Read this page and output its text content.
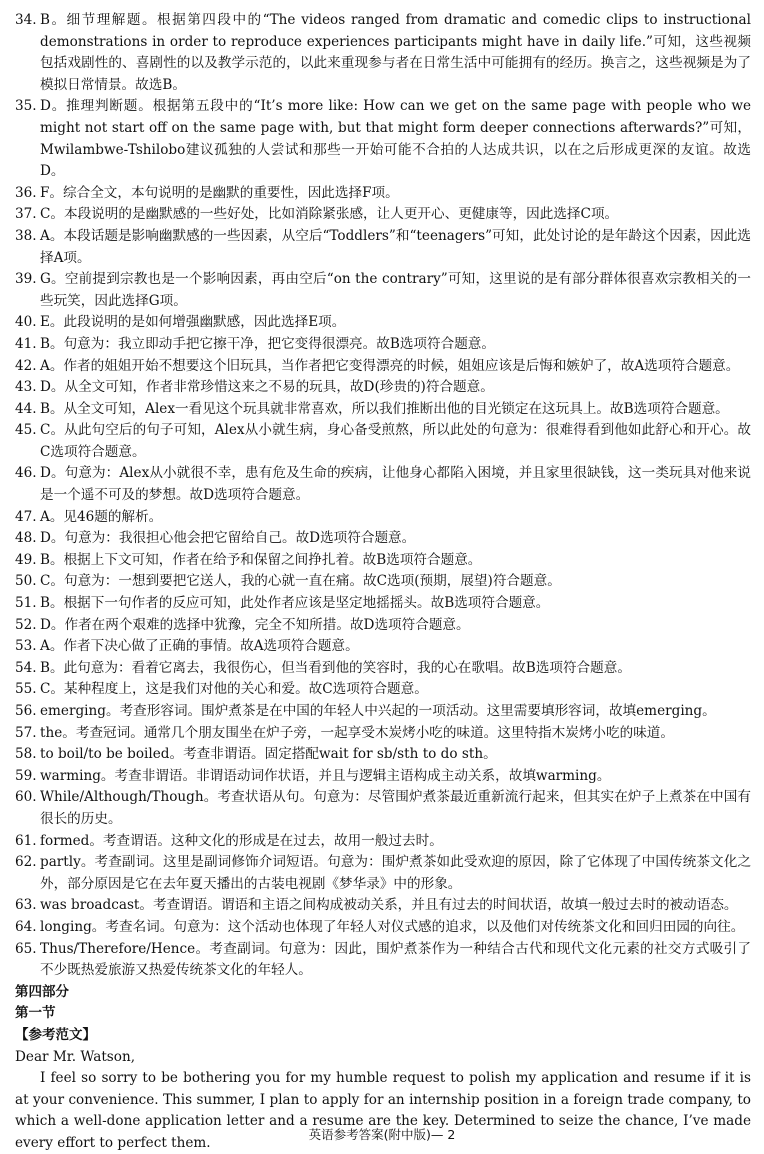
34. B。细节理解题。根据第四段中的“The videos ranged from dramatic and comedic clips to instructional demonstrations in order to reproduce experiences participants might have in daily life.”可知，这些视频包括戏剧性的、喜剧性的以及教学示范的，以此来重现参与者在日常生活中可能拥有的经历。换言之，这些视频是为了模拟日常情景。故选B。
35. D。推理判断题。根据第五段中的“It’s more like: How can we get on the same page with people who we might not start off on the same page with, but that might form deeper connections afterwards?”可知，Mwilambwe-Tshilobo建议孤独的人尝试和那些一开始可能不合拍的人达成共识，以在之后形成更深的友谊。故选D。
36. F。综合全文，本句说明的是幽默的重要性，因此选择F项。
37. C。本段说明的是幽默感的一些好处，比如消除紧张感，让人更开心、更健康等，因此选择C项。
38. A。本段话题是影响幽默感的一些因素，从空后“Toddlers”和“teenagers”可知，此处讨论的是年龄这个因素，因此选择A项。
39. G。空前提到宗教也是一个影响因素，再由空后“on the contrary”可知，这里说的是有部分群体很喜欢宗教相关的一些玩笑，因此选择G项。
40. E。此段说明的是如何增强幽默感，因此选择E项。
41. B。句意为：我立即动手把它擦干净，把它变得很漂亮。故B选项符合题意。
42. A。作者的姐姐开始不想要这个旧玩具，当作者把它变得漂亮的时候，姐姐应该是后悔和嫉妒了，故A选项符合题意。
43. D。从全文可知，作者非常珍惜这来之不易的玩具，故D(珍贵的)符合题意。
44. B。从全文可知，Alex一看见这个玩具就非常喜欢，所以我们推断出他的目光锁定在这玩具上。故B选项符合题意。
45. C。从此句空后的句子可知，Alex从小就生病，身心备受煎熬，所以此处的句意为：很难得看到他如此舒心和开心。故C选项符合题意。
46. D。句意为：Alex从小就很不幸，患有危及生命的疾病，让他身心都陷入困境，并且家里很缺钱，这一类玩具对他来说是一个遥不可及的梦想。故D选项符合题意。
47. A。见46题的解析。
48. D。句意为：我很担心他会把它留给自己。故D选项符合题意。
49. B。根据上下文可知，作者在给予和保留之间挣扎着。故B选项符合题意。
50. C。句意为：一想到要把它送人，我的心就一直在痛。故C选项(预期，展望)符合题意。
51. B。根据下一句作者的反应可知，此处作者应该是坚定地摇摇头。故B选项符合题意。
52. D。作者在两个艰难的选择中犹豫，完全不知所措。故D选项符合题意。
53. A。作者下决心做了正确的事情。故A选项符合题意。
54. B。此句意为：看着它离去，我很伤心，但当看到他的笑容时，我的心在歌唱。故B选项符合题意。
55. C。某种程度上，这是我们对他的关心和爱。故C选项符合题意。
56. emerging。考查形容词。围炉煮茶是在中国的年轻人中兴起的一项活动。这里需要填形容词，故填emerging。
57. the。考查冠词。通常几个朋友围坐在炉子旁，一起享受木炭烤小吃的味道。这里特指木炭烤小吃的味道。
58. to boil/to be boiled。考查非谓语。固定搭配wait for sb/sth to do sth。
59. warming。考查非谓语。非谓语动词作状语，并且与逻辑主语构成主动关系，故填warming。
60. While/Although/Though。考查状语从句。句意为：尽管围炉煮茶最近重新流行起来，但其实在炉子上煮茶在中国有很长的历史。
61. formed。考查谓语。这种文化的形成是在过去，故用一般过去时。
62. partly。考查副词。这里是副词修饰介词短语。句意为：围炉煮茶如此受欢迎的原因，除了它体现了中国传统茶文化之外，部分原因是它在去年夏天播出的古装电视剧《梦华录》中的形象。
63. was broadcast。考查谓语。谓语和主语之间构成被动关系，并且有过去的时间状语，故填一般过去时的被动语态。
64. longing。考查名词。句意为：这个活动也体现了年轻人对仪式感的追求，以及他们对传统茶文化和回归田园的向往。
65. Thus/Therefore/Hence。考查副词。句意为：因此，围炉煮茶作为一种结合古代和现代文化元素的社交方式吸引了不少既热爱旅游又热爱传统茶文化的年轻人。
第四部分
第一节
【参考范文】
Dear Mr. Watson,
I feel so sorry to be bothering you for my humble request to polish my application and resume if it is at your convenience. This summer, I plan to apply for an internship position in a foreign trade company, to which a well-done application letter and a resume are the key. Determined to seize the chance, I’ve made every effort to perfect them.
英语参考答案(附中版)— 2
